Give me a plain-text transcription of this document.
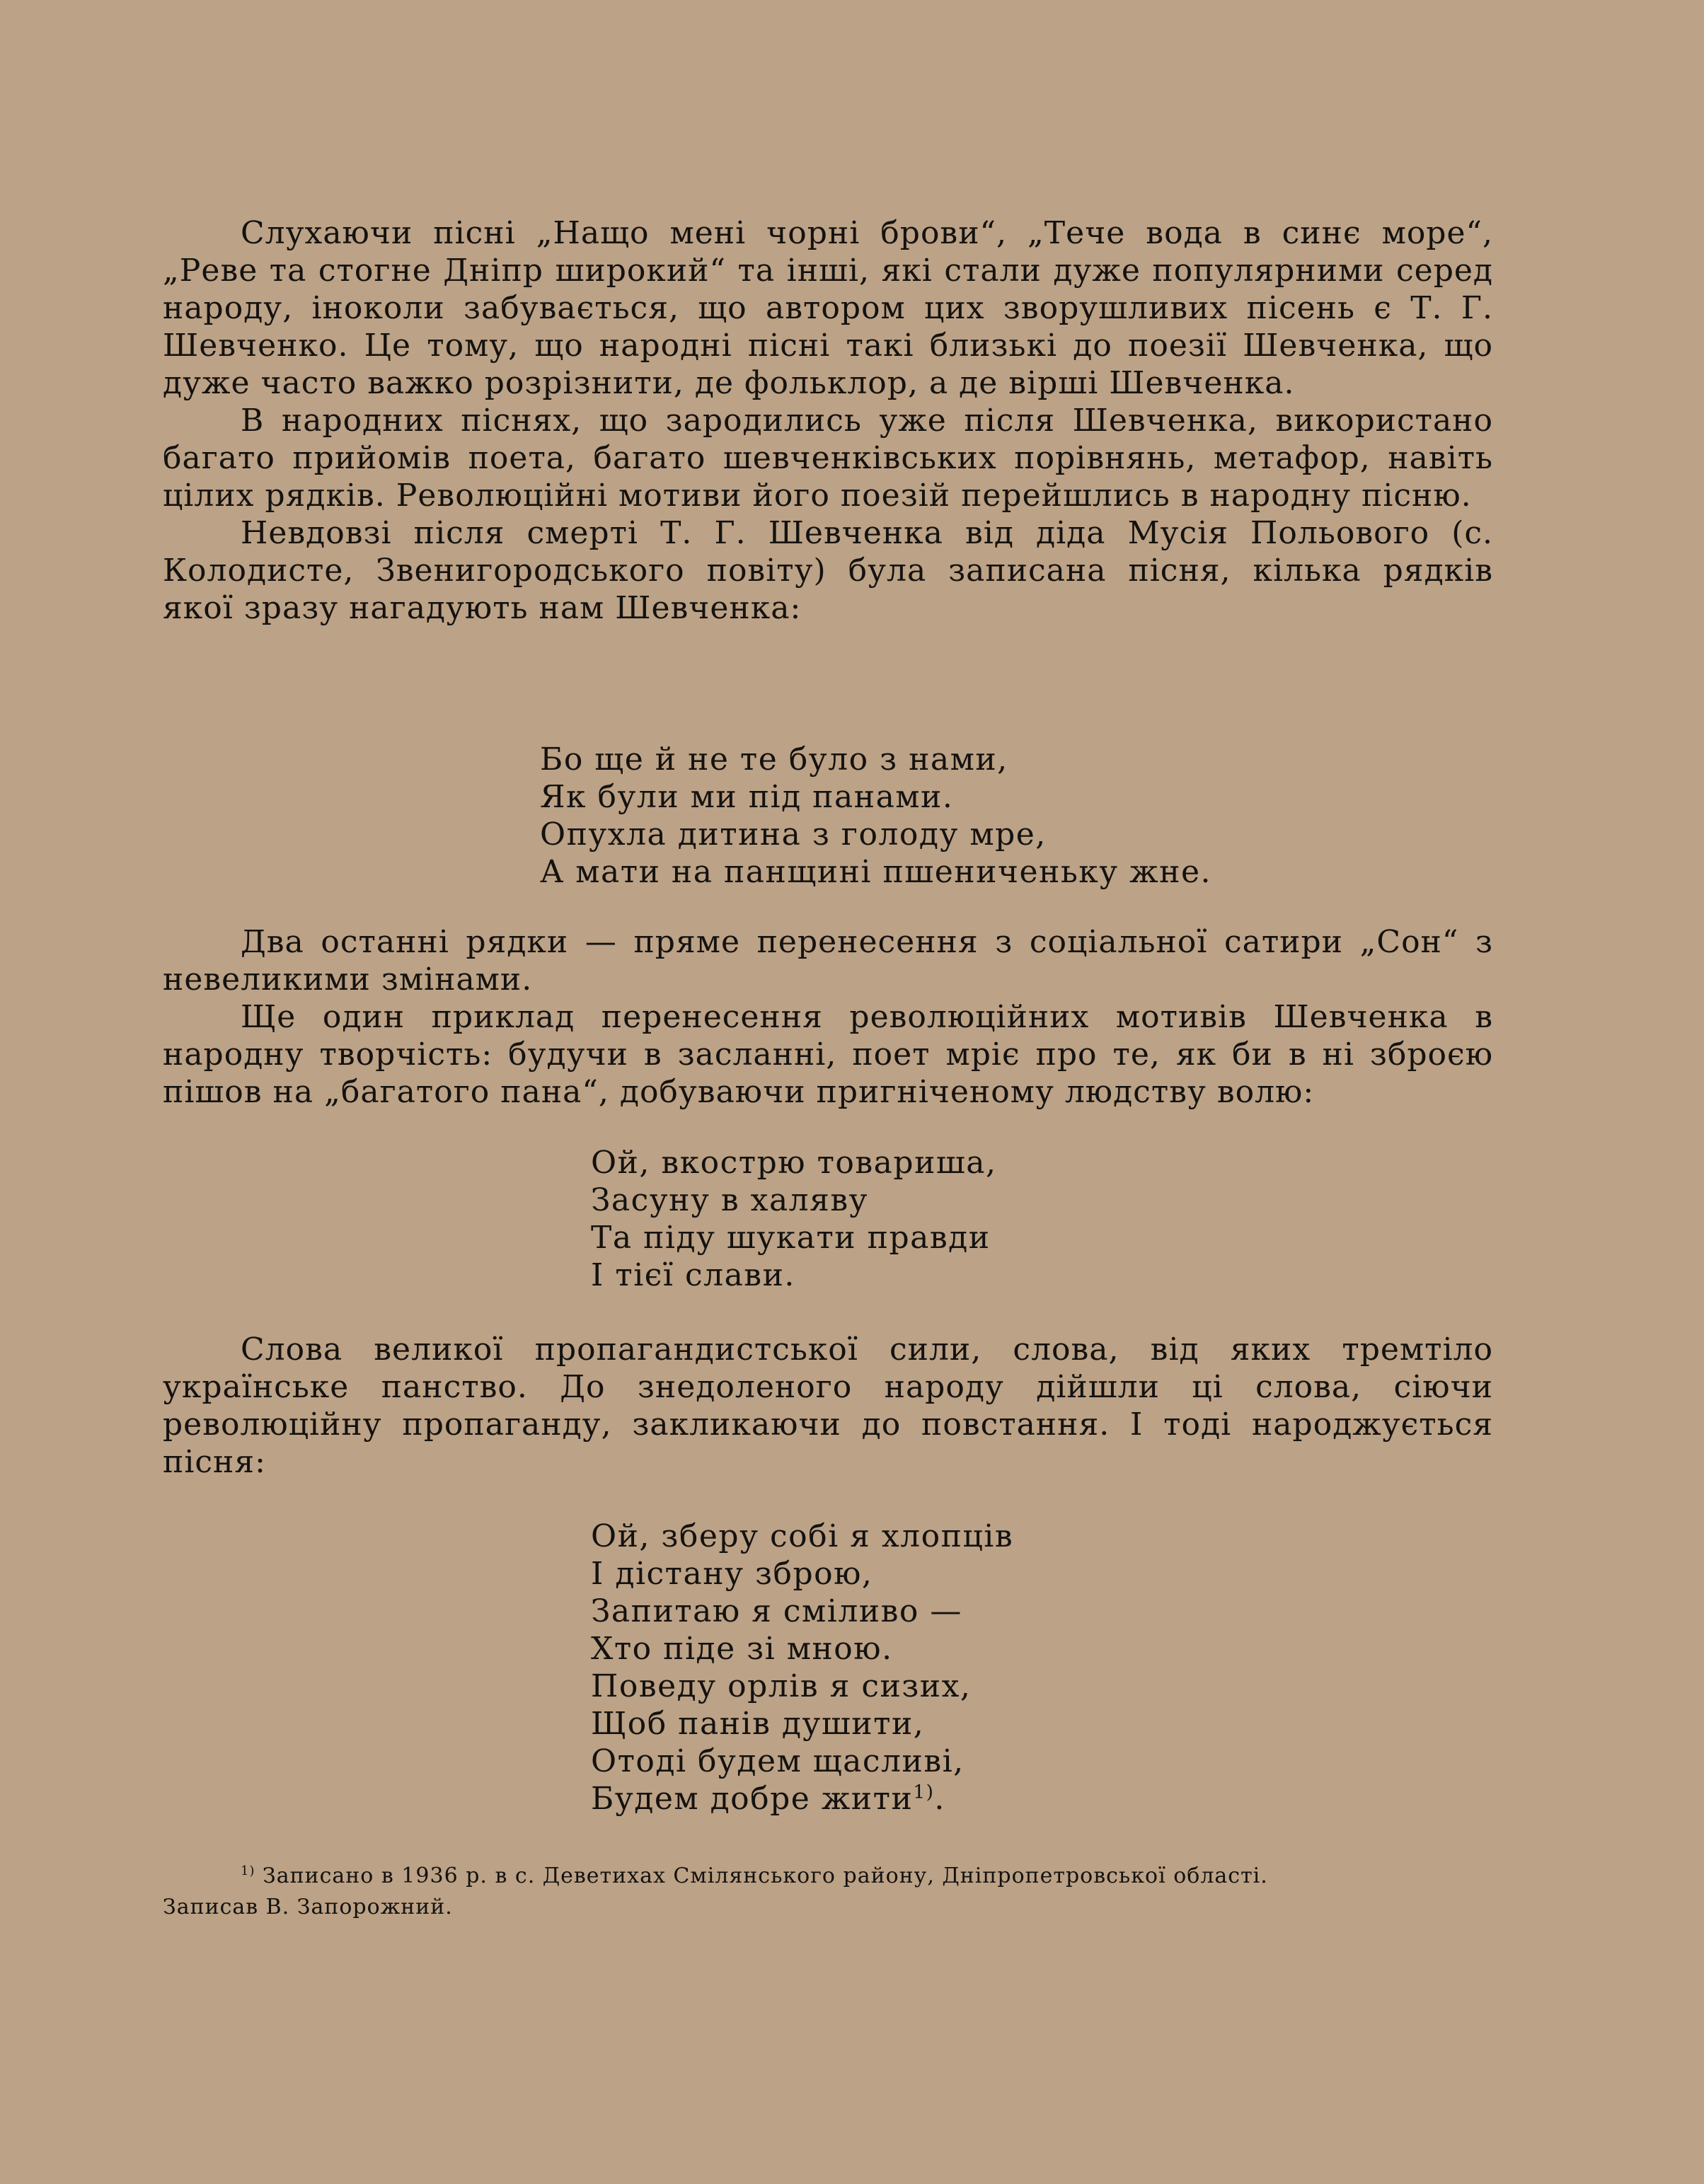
Слухаючи пісні „Нащо мені чорні брови“, „Тече вода в синє море“, „Реве та стогне Дніпр широкий“ та інші, які стали дуже популярними серед народу, іноколи забувається, що автором цих зворушливих пісень є Т. Г. Шевченко. Це тому, що народні пісні такі близькі до поезії Шевченка, що дуже часто важко розрізнити, де фольклор, а де вірші Шевченка.

В народних піснях, що зародились уже після Шевченка, використано багато прийомів поета, багато шевченківських порівнянь, метафор, навіть цілих рядків. Революційні мотиви його поезій перейшлись в народну пісню.

Невдовзі після смерті Т. Г. Шевченка від діда Мусія Польового (с. Колодисте, Звенигородського повіту) була записана пісня, кілька рядків якої зразу нагадують нам Шевченка:

Бо ще й не те було з нами,
Як були ми під панами.
Опухла дитина з голоду мре,
А мати на панщині пшениченьку жне.

Два останні рядки — пряме перенесення з соціальної сатири „Сон“ з невеликими змінами.

Ще один приклад перенесення революційних мотивів Шевченка в народну творчість: будучи в засланні, поет мріє про те, як би в ні зброєю пішов на „багатого пана“, добуваючи пригніченому людству волю:

Ой, вкострю товариша,
Засуну в халяву
Та піду шукати правди
І тієї слави.

Слова великої пропагандистської сили, слова, від яких тремтіло українське панство. До знедоленого народу дійшли ці слова, сіючи революційну пропаганду, закликаючи до повстання. І тоді народжується пісня:

Ой, зберу собі я хлопців
І дістану зброю,
Запитаю я сміливо —
Хто піде зі мною.
Поведу орлів я сизих,
Щоб панів душити,
Отоді будем щасливі,
Будем добре жити$^{1)}$.

$^{1)}$ Записано в 1936 р. в с. Деветихах Смілянського району, Дніпропетровської області.

Записав В. Запорожний.
